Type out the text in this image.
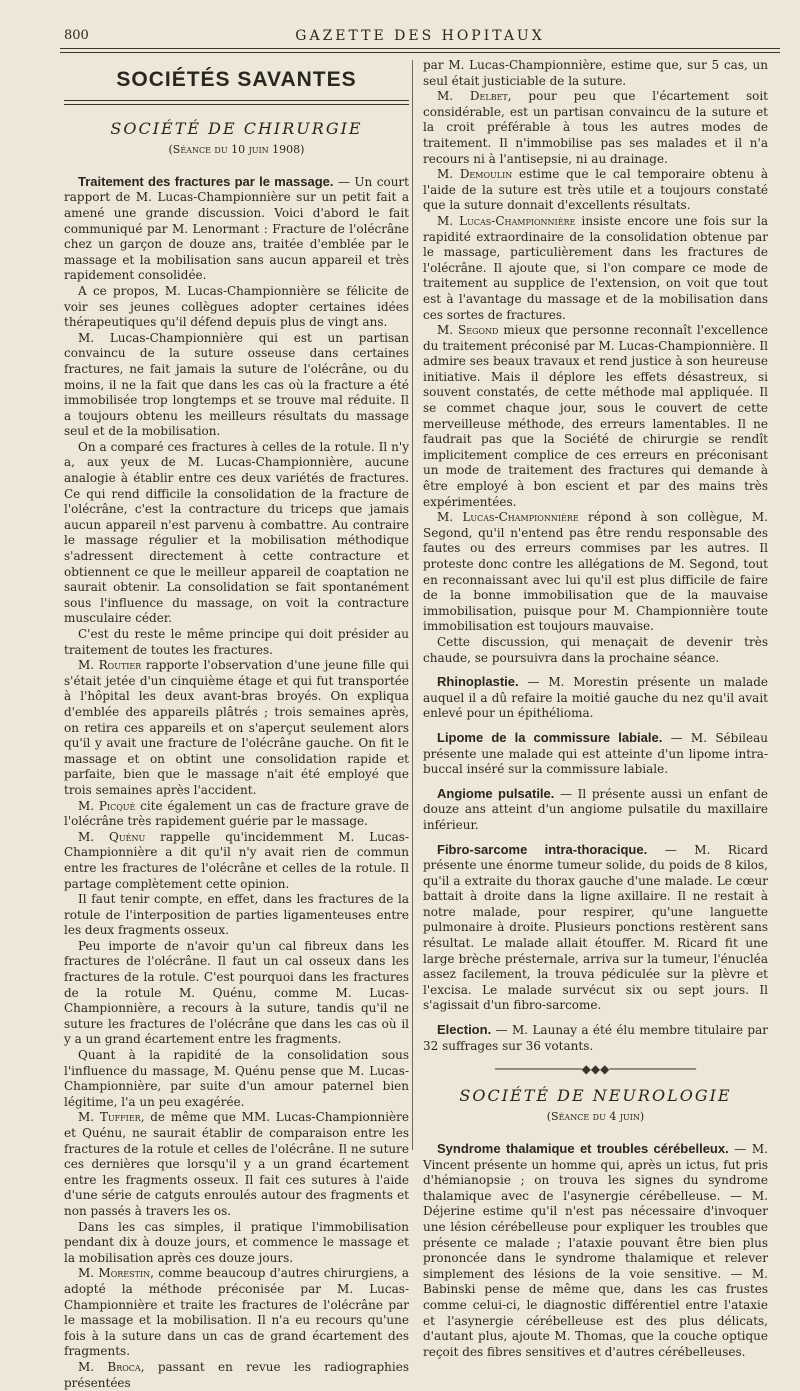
800	GAZETTE DES HOPITAUX
SOCIÉTÉS SAVANTES
SOCIÉTÉ DE CHIRURGIE
(Séance du 10 juin 1908)

Traitement des fractures par le massage. — Un court rapport de M. Lucas-Championnière sur un petit fait a amené une grande discussion. Voici d'abord le fait communiqué par M. Lenormant : Fracture de l'olécrâne chez un garçon de douze ans, traitée d'emblée par le massage et la mobilisation sans aucun appareil et très rapidement consolidée.

A ce propos, M. Lucas-Championnière se félicite de voir ses jeunes collègues adopter certaines idées thérapeutiques qu'il défend depuis plus de vingt ans.

M. Lucas-Championnière qui est un partisan convaincu de la suture osseuse dans certaines fractures, ne fait jamais la suture de l'olécrâne, ou du moins, il ne la fait que dans les cas où la fracture a été immobilisée trop longtemps et se trouve mal réduite. Il a toujours obtenu les meilleurs résultats du massage seul et de la mobilisation.

On a comparé ces fractures à celles de la rotule. Il n'y a, aux yeux de M. Lucas-Championnière, aucune analogie à établir entre ces deux variétés de fractures. Ce qui rend difficile la consolidation de la fracture de l'olécrâne, c'est la contracture du triceps que jamais aucun appareil n'est parvenu à combattre. Au contraire le massage régulier et la mobilisation méthodique s'adressent directement à cette contracture et obtiennent ce que le meilleur appareil de coaptation ne saurait obtenir. La consolidation se fait spontanément sous l'influence du massage, on voit la contracture musculaire céder.

C'est du reste le même principe qui doit présider au traitement de toutes les fractures.

M. Routier rapporte l'observation d'une jeune fille qui s'était jetée d'un cinquième étage et qui fut transportée à l'hôpital les deux avant-bras broyés. On expliqua d'emblée des appareils plâtrés ; trois semaines après, on retira ces appareils et on s'aperçut seulement alors qu'il y avait une fracture de l'olécrâne gauche. On fit le massage et on obtint une consolidation rapide et parfaite, bien que le massage n'ait été employé que trois semaines après l'accident.

M. Picqué cite également un cas de fracture grave de l'olécrâne très rapidement guérie par le massage.

M. Quénu rappelle qu'incidemment M. Lucas-Championnière a dit qu'il n'y avait rien de commun entre les fractures de l'olécrâne et celles de la rotule. Il partage complètement cette opinion.

Il faut tenir compte, en effet, dans les fractures de la rotule de l'interposition de parties ligamenteuses entre les deux fragments osseux.

Peu importe de n'avoir qu'un cal fibreux dans les fractures de l'olécrâne. Il faut un cal osseux dans les fractures de la rotule. C'est pourquoi dans les fractures de la rotule M. Quénu, comme M. Lucas-Championnière, a recours à la suture, tandis qu'il ne suture les fractures de l'olécrâne que dans les cas où il y a un grand écartement entre les fragments.

Quant à la rapidité de la consolidation sous l'influence du massage, M. Quénu pense que M. Lucas-Championnière, par suite d'un amour paternel bien légitime, l'a un peu exagérée.

M. Tuffier, de même que MM. Lucas-Championnière et Quénu, ne saurait établir de comparaison entre les fractures de la rotule et celles de l'olécrâne. Il ne suture ces dernières que lorsqu'il y a un grand écartement entre les fragments osseux. Il fait ces sutures à l'aide d'une série de catguts enroulés autour des fragments et non passés à travers les os.

Dans les cas simples, il pratique l'immobilisation pendant dix à douze jours, et commence le massage et la mobilisation après ces douze jours.

M. Morestin, comme beaucoup d'autres chirurgiens, a adopté la méthode préconisée par M. Lucas-Championnière et traite les fractures de l'olécrâne par le massage et la mobilisation. Il n'a eu recours qu'une fois à la suture dans un cas de grand écartement des fragments.

M. Broca, passant en revue les radiographies présentées

par M. Lucas-Championnière, estime que, sur 5 cas, un seul était justiciable de la suture.

M. Delbet, pour peu que l'écartement soit considérable, est un partisan convaincu de la suture et la croit préférable à tous les autres modes de traitement. Il n'immobilise pas ses malades et il n'a recours ni à l'antisepsie, ni au drainage.

M. Demoulin estime que le cal temporaire obtenu à l'aide de la suture est très utile et a toujours constaté que la suture donnait d'excellents résultats.

M. Lucas-Championnière insiste encore une fois sur la rapidité extraordinaire de la consolidation obtenue par le massage, particulièrement dans les fractures de l'olécrâne. Il ajoute que, si l'on compare ce mode de traitement au supplice de l'extension, on voit que tout est à l'avantage du massage et de la mobilisation dans ces sortes de fractures.

M. Segond mieux que personne reconnaît l'excellence du traitement préconisé par M. Lucas-Championnière. Il admire ses beaux travaux et rend justice à son heureuse initiative. Mais il déplore les effets désastreux, si souvent constatés, de cette méthode mal appliquée. Il se commet chaque jour, sous le couvert de cette merveilleuse méthode, des erreurs lamentables. Il ne faudrait pas que la Société de chirurgie se rendît implicitement complice de ces erreurs en préconisant un mode de traitement des fractures qui demande à être employé à bon escient et par des mains très expérimentées.

M. Lucas-Championnière répond à son collègue, M. Segond, qu'il n'entend pas être rendu responsable des fautes ou des erreurs commises par les autres. Il proteste donc contre les allégations de M. Segond, tout en reconnaissant avec lui qu'il est plus difficile de faire de la bonne immobilisation que de la mauvaise immobilisation, puisque pour M. Championnière toute immobilisation est toujours mauvaise.

Cette discussion, qui menaçait de devenir très chaude, se poursuivra dans la prochaine séance.

Rhinoplastie. — M. Morestin présente un malade auquel il a dû refaire la moitié gauche du nez qu'il avait enlevé pour un épithélioma.

Lipome de la commissure labiale. — M. Sébileau présente une malade qui est atteinte d'un lipome intra-buccal inséré sur la commissure labiale.

Angiome pulsatile. — Il présente aussi un enfant de douze ans atteint d'un angiome pulsatile du maxillaire inférieur.

Fibro-sarcome intra-thoracique. — M. Ricard présente une énorme tumeur solide, du poids de 8 kilos, qu'il a extraite du thorax gauche d'une malade. Le cœur battait à droite dans la ligne axillaire. Il ne restait à notre malade, pour respirer, qu'une languette pulmonaire à droite. Plusieurs ponctions restèrent sans résultat. Le malade allait étouffer. M. Ricard fit une large brèche présternale, arriva sur la tumeur, l'énucléa assez facilement, la trouva pédiculée sur la plèvre et l'excisa. Le malade survécut six ou sept jours. Il s'agissait d'un fibro-sarcome.

Election. — M. Launay a été élu membre titulaire par 32 suffrages sur 36 votants.

────────────◆◆◆────────────
SOCIÉTÉ DE NEUROLOGIE
(Séance du 4 juin)

Syndrome thalamique et troubles cérébelleux. — M. Vincent présente un homme qui, après un ictus, fut pris d'hémianopsie ; on trouva les signes du syndrome thalamique avec de l'asynergie cérébelleuse. — M. Déjerine estime qu'il n'est pas nécessaire d'invoquer une lésion cérébelleuse pour expliquer les troubles que présente ce malade ; l'ataxie pouvant être bien plus prononcée dans le syndrome thalamique et relever simplement des lésions de la voie sensitive. — M. Babinski pense de même que, dans les cas frustes comme celui-ci, le diagnostic différentiel entre l'ataxie et l'asynergie cérébelleuse est des plus délicats, d'autant plus, ajoute M. Thomas, que la couche optique reçoit des fibres sensitives et d'autres cérébelleuses.
